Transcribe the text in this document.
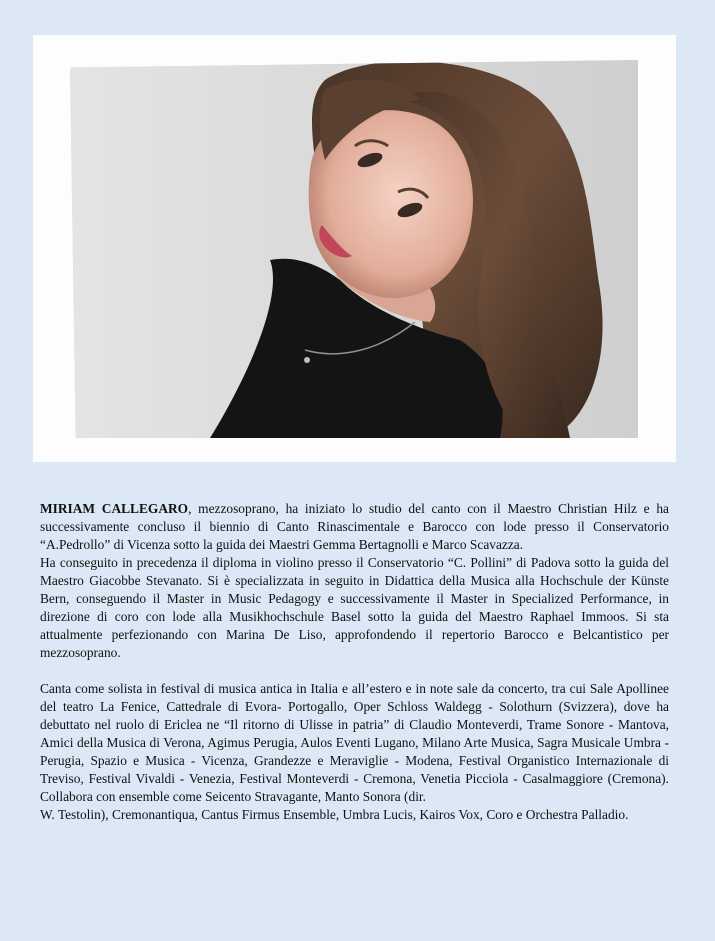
MIRIAM CALLEGARO, mezzosoprano, ha iniziato lo studio del canto con il Maestro Christian Hilz e ha successivamente concluso il biennio di Canto Rinascimentale e Barocco con lode presso il Conservatorio “A.Pedrollo” di Vicenza sotto la guida dei Maestri Gemma Bertagnolli e Marco Scavazza.

Ha conseguito in precedenza il diploma in violino presso il Conservatorio “C. Pollini” di Padova sotto la guida del Maestro Giacobbe Stevanato. Si è specializzata in seguito in Didattica della Musica alla Hochschule der Künste Bern, conseguendo il Master in Music Pedagogy e successivamente il Master in Specialized Performance, in direzione di coro con lode alla Musikhochschule Basel sotto la guida del Maestro Raphael Immoos. Si sta attualmente perfezionando con Marina De Liso, approfondendo il repertorio Barocco e Belcantistico per mezzosoprano.

Canta come solista in festival di musica antica in Italia e all’estero e in note sale da concerto, tra cui Sale Apollinee del teatro La Fenice, Cattedrale di Evora- Portogallo, Oper Schloss Waldegg - Solothurn (Svizzera), dove ha debuttato nel ruolo di Ericlea ne “Il ritorno di Ulisse in patria” di Claudio Monteverdi, Trame Sonore - Mantova, Amici della Musica di Verona, Agimus Perugia, Aulos Eventi Lugano, Milano Arte Musica, Sagra Musicale Umbra - Perugia, Spazio e Musica - Vicenza, Grandezze e Meraviglie - Modena, Festival Organistico Internazionale di Treviso, Festival Vivaldi - Venezia, Festival Monteverdi - Cremona, Venetia Picciola - Casalmaggiore (Cremona). Collabora con ensemble come Seicento Stravagante, Manto Sonora (dir.

W. Testolin), Cremonantiqua, Cantus Firmus Ensemble, Umbra Lucis, Kairos Vox, Coro e Orchestra Palladio.
